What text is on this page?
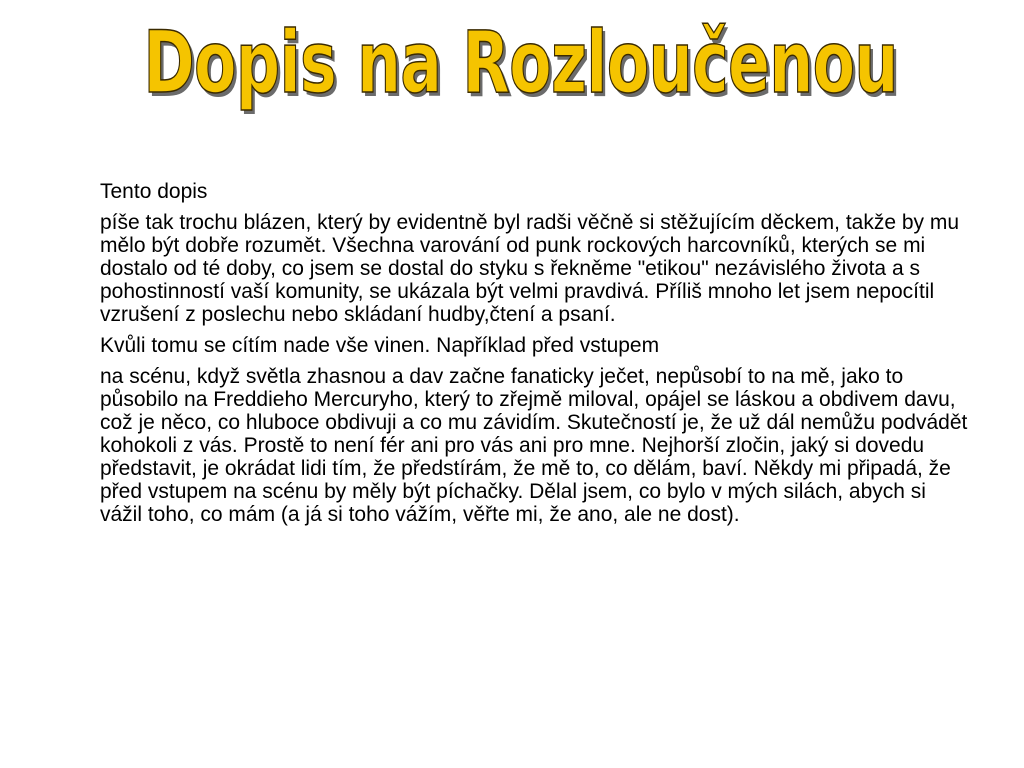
Dopis na Rozloučenou

Tento dopis

píše tak trochu blázen, který by evidentně byl radši věčně si stěžujícím děckem, takže by mu mělo být dobře rozumět. Všechna varování od punk rockových harcovníků, kterých se mi dostalo od té doby, co jsem se dostal do styku s řekněme "etikou" nezávislého života a s pohostinností vaší komunity, se ukázala být velmi pravdivá. Příliš mnoho let jsem nepocítil vzrušení z poslechu nebo skládaní hudby,čtení a psaní.

Kvůli tomu se cítím nade vše vinen. Například před vstupem

na scénu, když světla zhasnou a dav začne fanaticky ječet, nepůsobí to na mě, jako to působilo na Freddieho Mercuryho, který to zřejmě miloval, opájel se láskou a obdivem davu, což je něco, co hluboce obdivuji a co mu závidím. Skutečností je, že už dál nemůžu podvádět kohokoli z vás. Prostě to není fér ani pro vás ani pro mne. Nejhorší zločin, jaký si dovedu představit, je okrádat lidi tím, že předstírám, že mě to, co dělám, baví. Někdy mi připadá, že před vstupem na scénu by měly být píchačky. Dělal jsem, co bylo v mých silách, abych si vážil toho, co mám (a já si toho vážím, věřte mi, že ano, ale ne dost).
